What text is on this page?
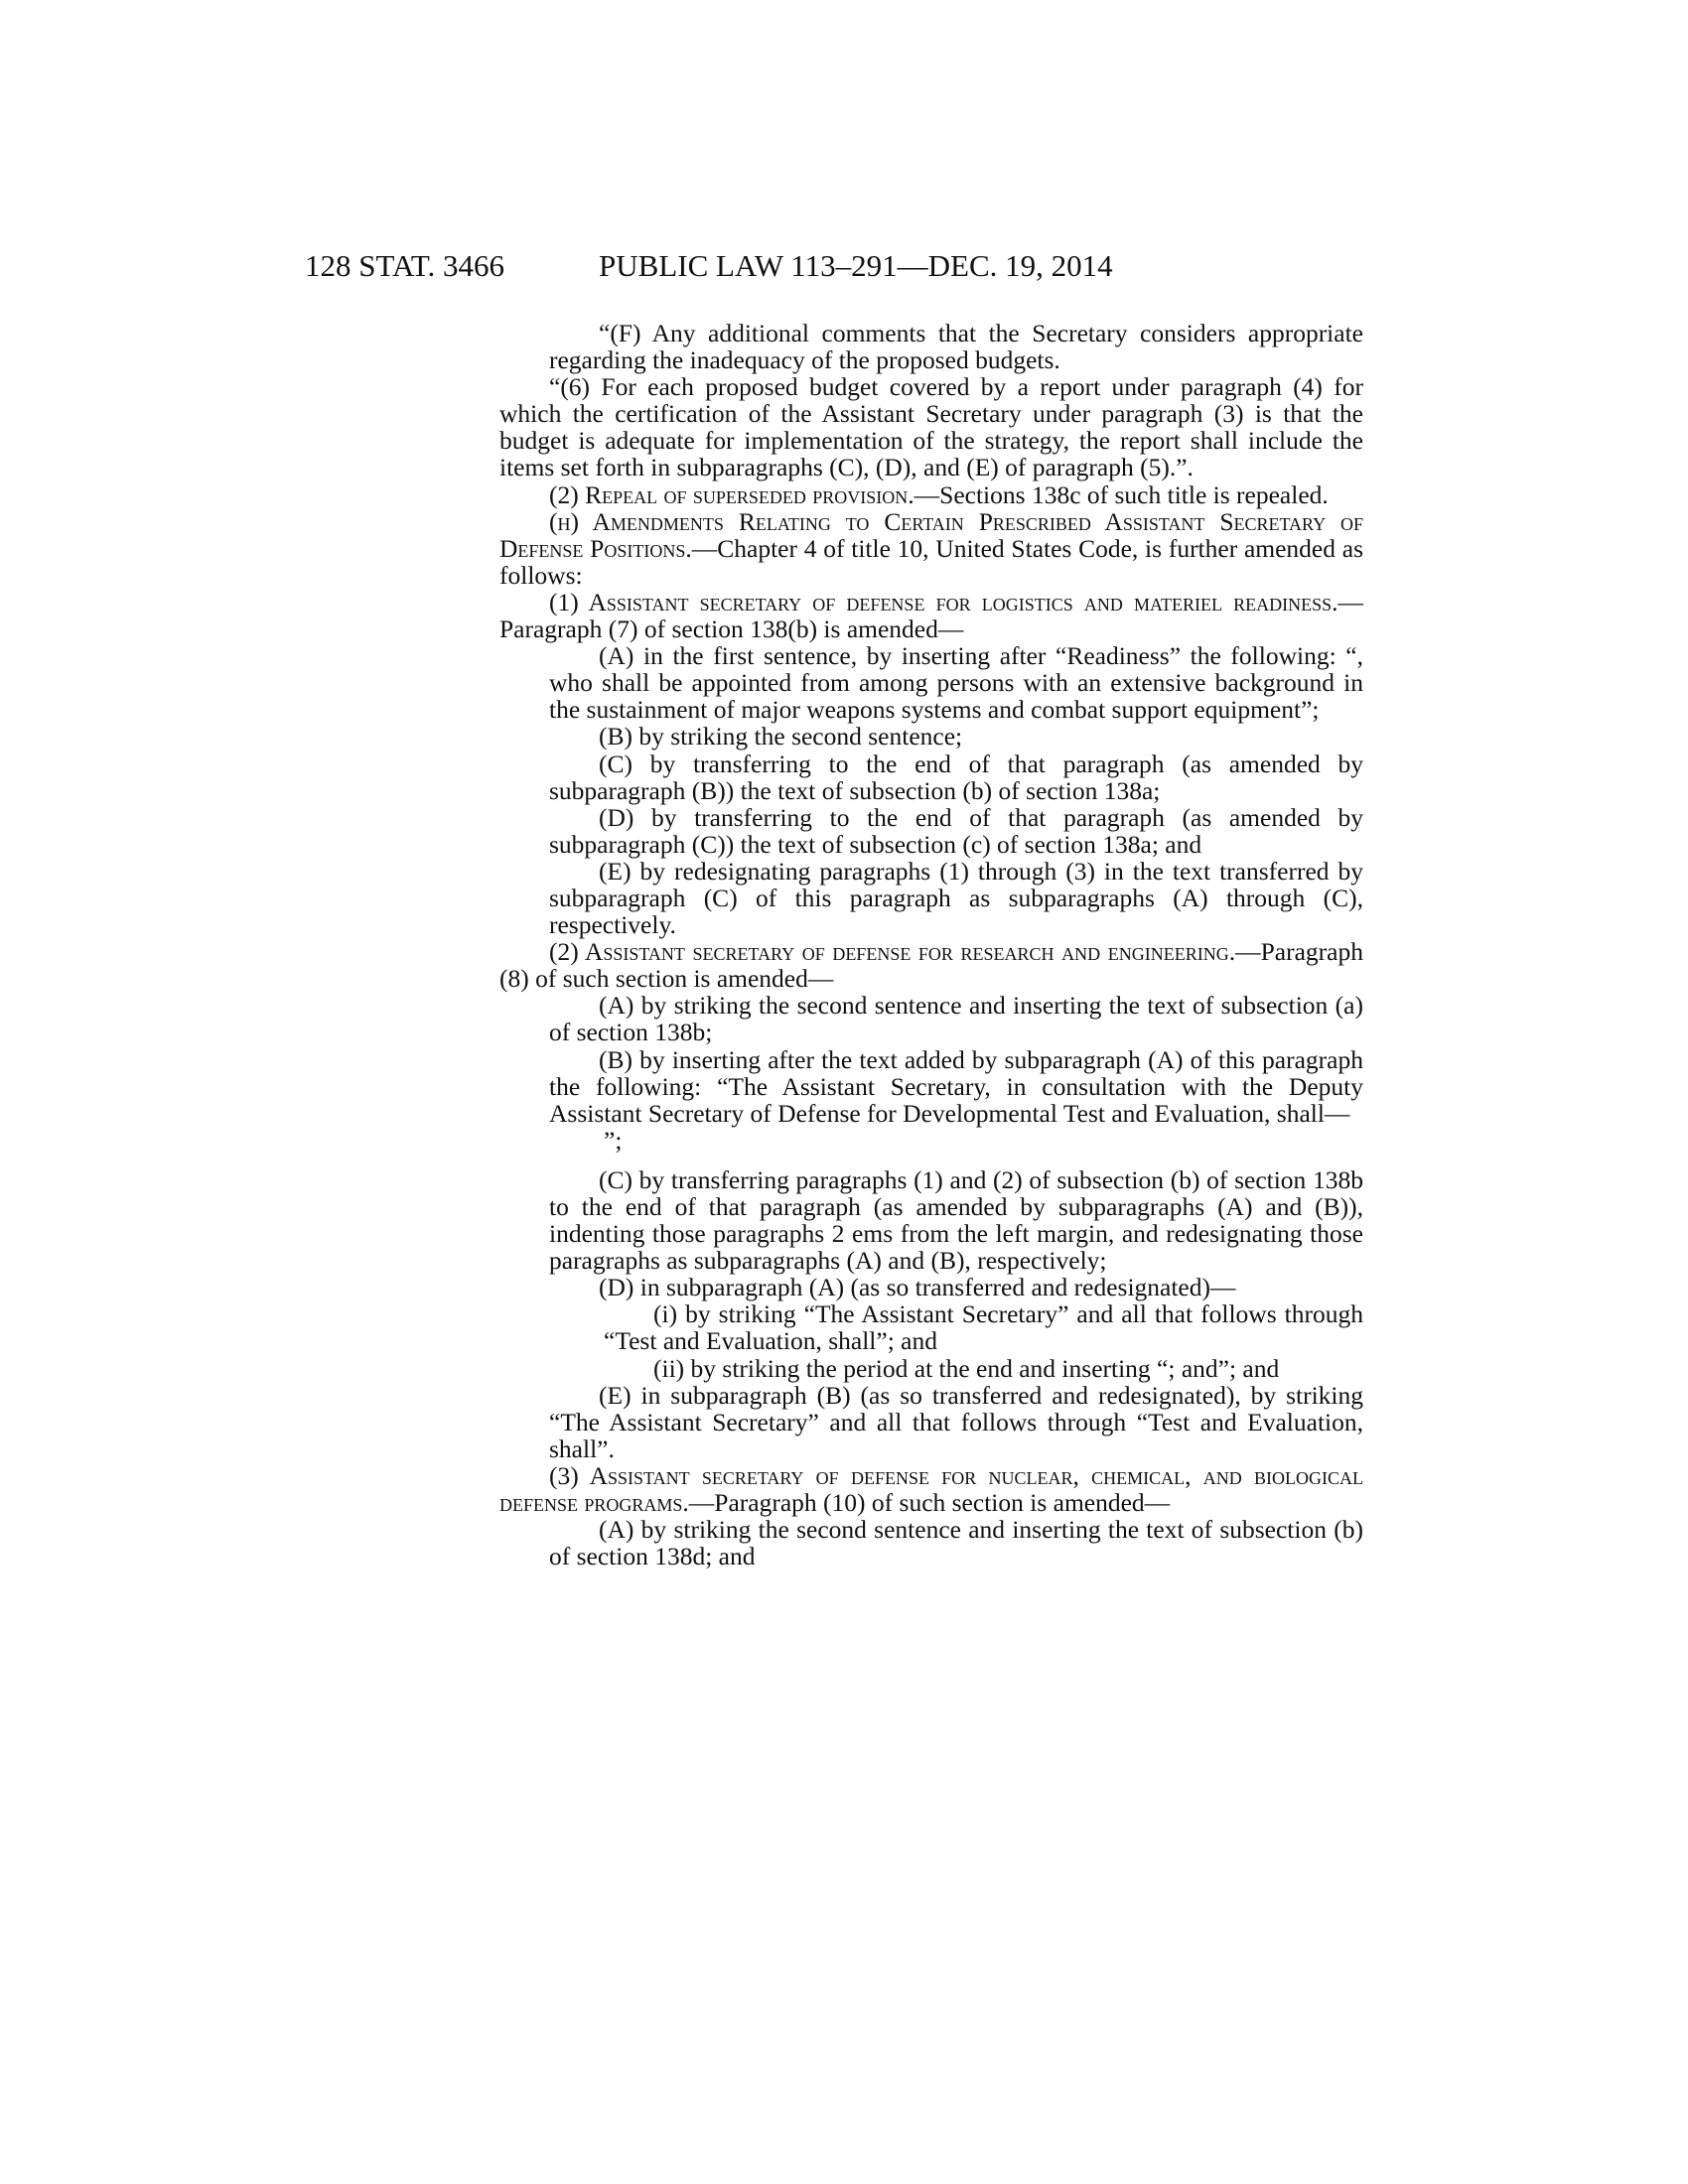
128 STAT. 3466	PUBLIC LAW 113–291—DEC. 19, 2014

“(F) Any additional comments that the Secretary considers appropriate regarding the inadequacy of the proposed budgets.

“(6) For each proposed budget covered by a report under paragraph (4) for which the certification of the Assistant Secretary under paragraph (3) is that the budget is adequate for implementation of the strategy, the report shall include the items set forth in subparagraphs (C), (D), and (E) of paragraph (5).”.

(2) Repeal of superseded provision.—Sections 138c of such title is repealed.

(h) Amendments Relating to Certain Prescribed Assistant Secretary of Defense Positions.—Chapter 4 of title 10, United States Code, is further amended as follows:

(1) Assistant secretary of defense for logistics and materiel readiness.—Paragraph (7) of section 138(b) is amended—

(A) in the first sentence, by inserting after “Readiness” the following: “, who shall be appointed from among persons with an extensive background in the sustainment of major weapons systems and combat support equipment”;

(B) by striking the second sentence;

(C) by transferring to the end of that paragraph (as amended by subparagraph (B)) the text of subsection (b) of section 138a;

(D) by transferring to the end of that paragraph (as amended by subparagraph (C)) the text of subsection (c) of section 138a; and

(E) by redesignating paragraphs (1) through (3) in the text transferred by subparagraph (C) of this paragraph as subparagraphs (A) through (C), respectively.

(2) Assistant secretary of defense for research and engineering.—Paragraph (8) of such section is amended—

(A) by striking the second sentence and inserting the text of subsection (a) of section 138b;

(B) by inserting after the text added by subparagraph (A) of this paragraph the following: “The Assistant Secretary, in consultation with the Deputy Assistant Secretary of Defense for Developmental Test and Evaluation, shall—

”;

(C) by transferring paragraphs (1) and (2) of subsection (b) of section 138b to the end of that paragraph (as amended by subparagraphs (A) and (B)), indenting those paragraphs 2 ems from the left margin, and redesignating those paragraphs as subparagraphs (A) and (B), respectively;

(D) in subparagraph (A) (as so transferred and redesignated)—

(i) by striking “The Assistant Secretary” and all that follows through “Test and Evaluation, shall”; and

(ii) by striking the period at the end and inserting “; and”; and

(E) in subparagraph (B) (as so transferred and redesignated), by striking “The Assistant Secretary” and all that follows through “Test and Evaluation, shall”.

(3) Assistant secretary of defense for nuclear, chemical, and biological defense programs.—Paragraph (10) of such section is amended—

(A) by striking the second sentence and inserting the text of subsection (b) of section 138d; and
